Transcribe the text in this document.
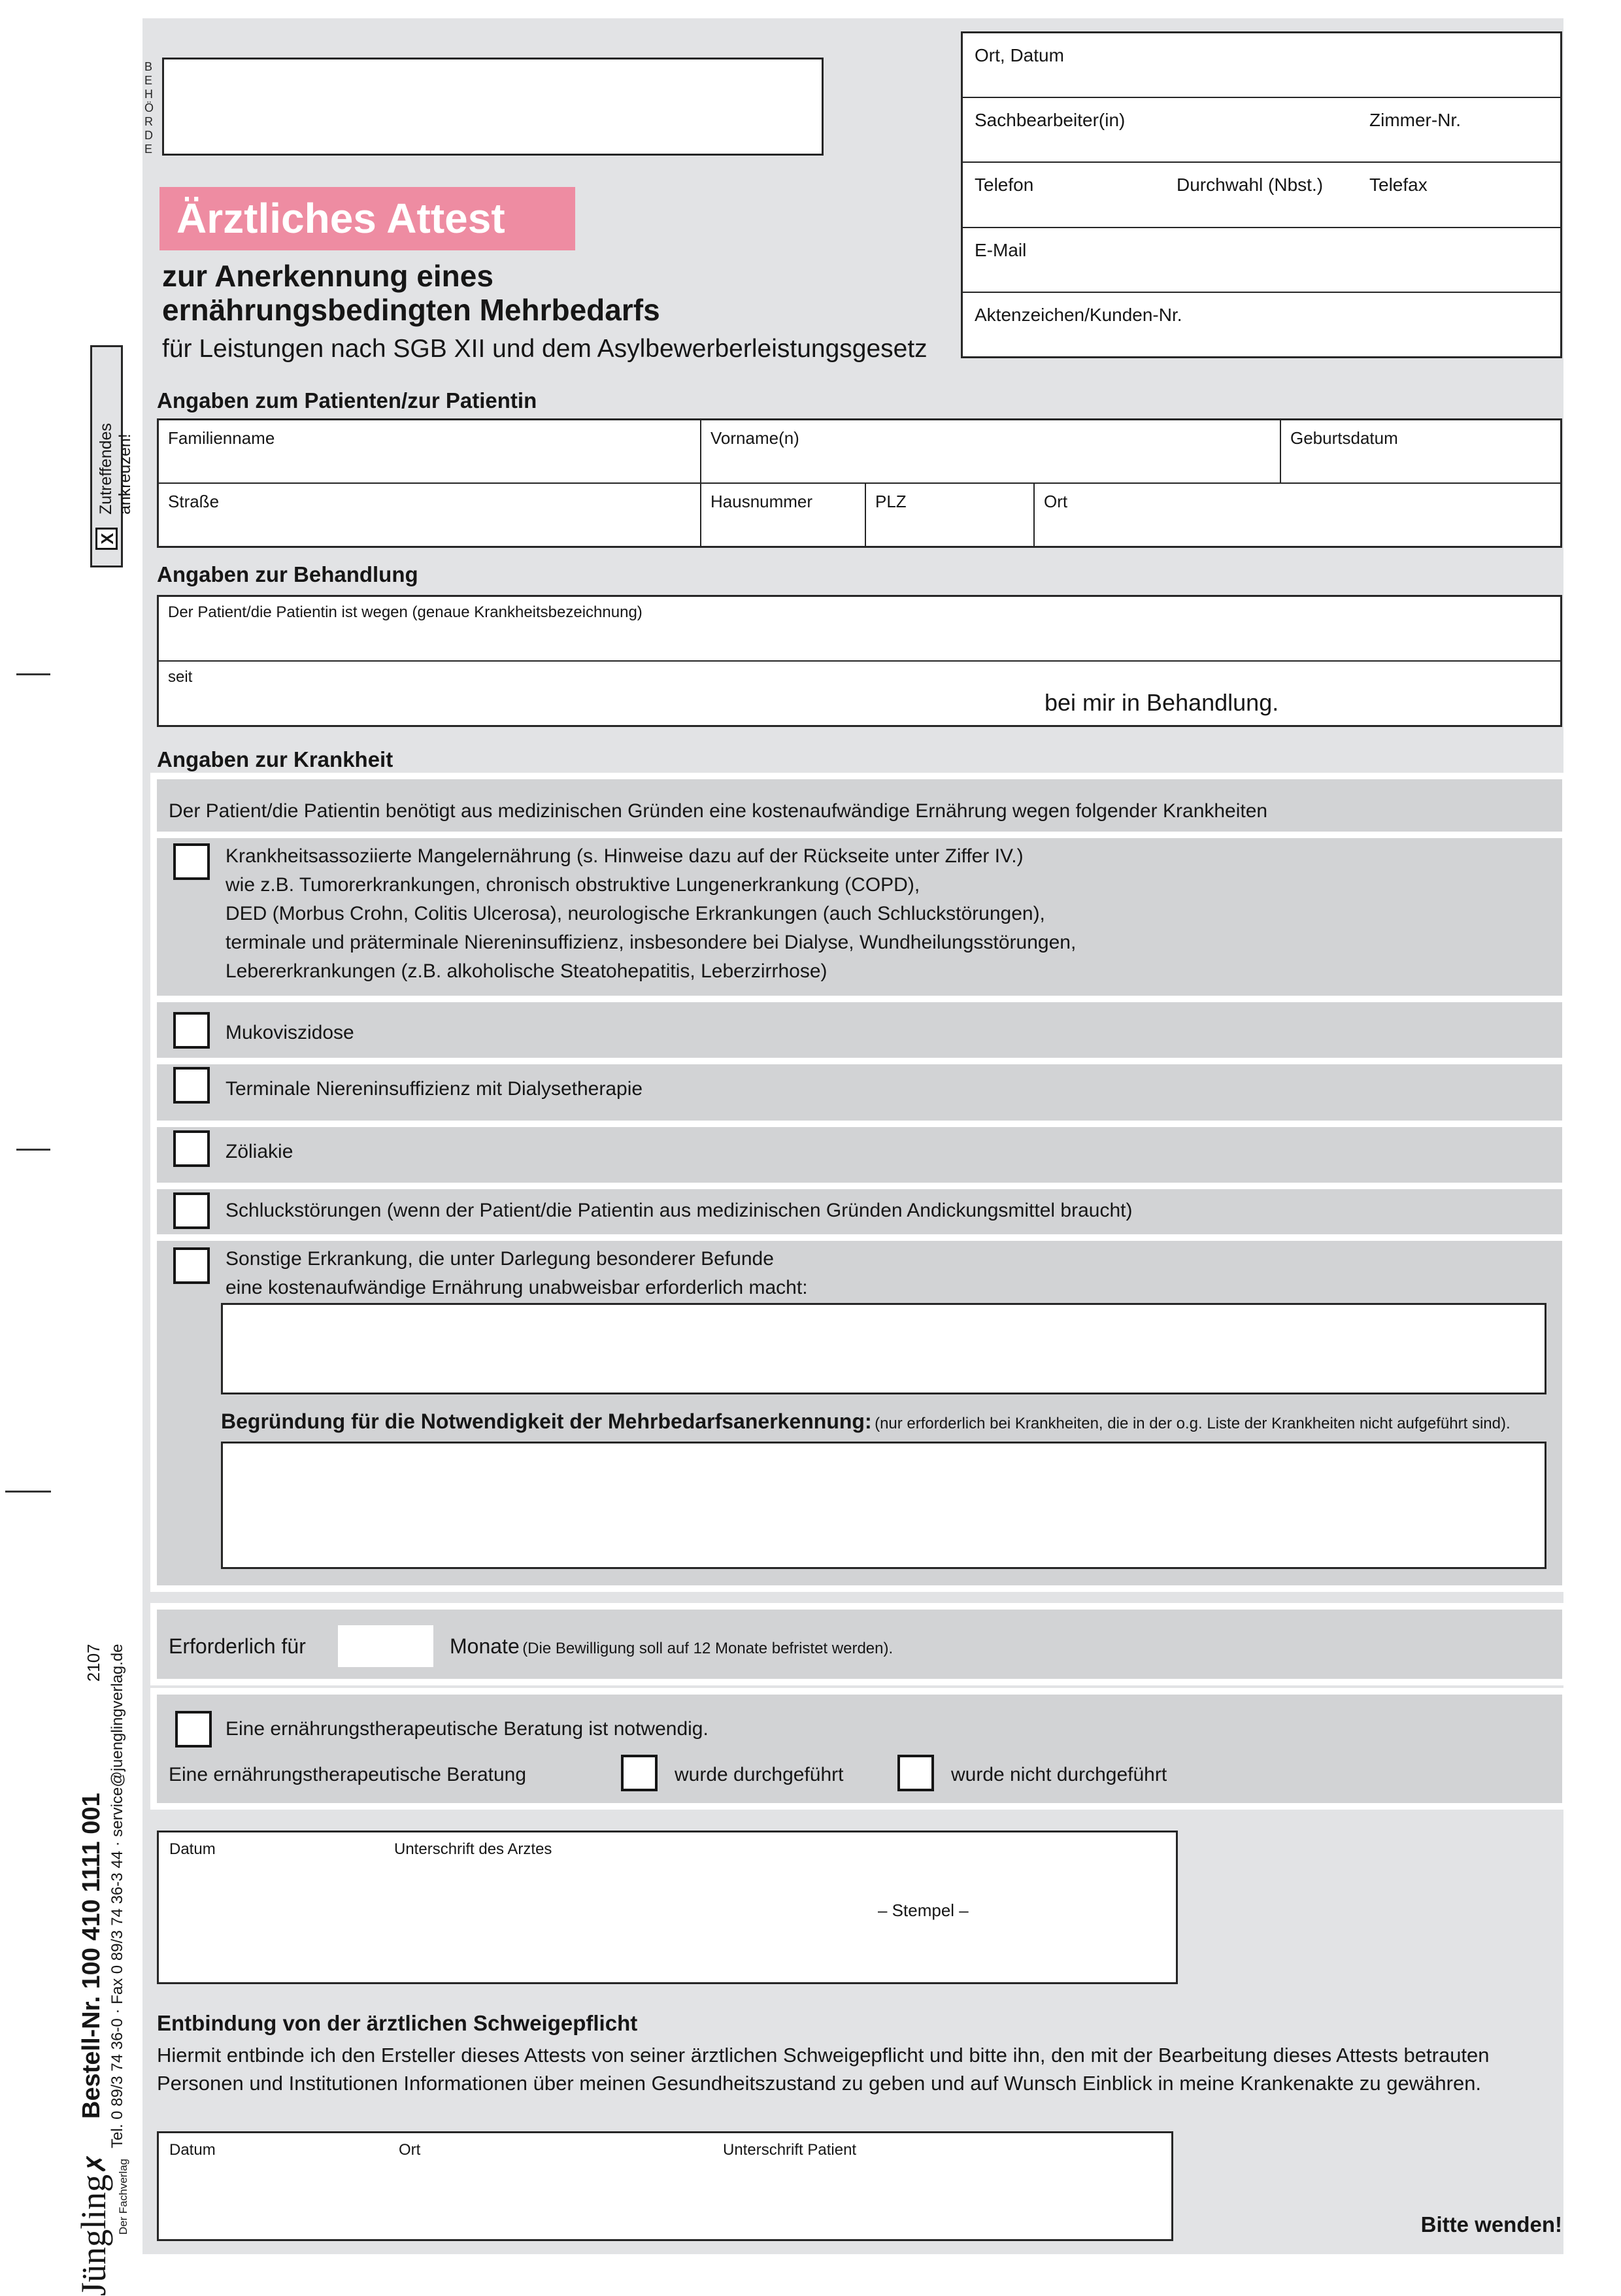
BEHÖRDE
Ort, Datum
Sachbearbeiter(in)	Zimmer-Nr.
Telefon	Durchwahl (Nbst.)	Telefax
E-Mail
Aktenzeichen/Kunden-Nr.
Ärztliches Attest
zur Anerkennung eines
ernährungsbedingten Mehrbedarfs
für Leistungen nach SGB XII und dem Asylbewerberleistungsgesetz
Angaben zum Patienten/zur Patientin
Familienname	Vorname(n)	Geburtsdatum
Straße	Hausnummer	PLZ	Ort
Angaben zur Behandlung
Der Patient/die Patientin ist wegen (genaue Krankheitsbezeichnung)
seit
bei mir in Behandlung.
Angaben zur Krankheit
Der Patient/die Patientin benötigt aus medizinischen Gründen eine kostenaufwändige Ernährung wegen folgender Krankheiten
Krankheitsassoziierte Mangelernährung (s. Hinweise dazu auf der Rückseite unter Ziffer IV.)
wie z.B. Tumorerkrankungen, chronisch obstruktive Lungenerkrankung (COPD),
DED (Morbus Crohn, Colitis Ulcerosa), neurologische Erkrankungen (auch Schluckstörungen),
terminale und präterminale Niereninsuffizienz, insbesondere bei Dialyse, Wundheilungsstörungen,
Lebererkrankungen (z.B. alkoholische Steatohepatitis, Leberzirrhose)
Mukoviszidose
Terminale Niereninsuffizienz mit Dialysetherapie
Zöliakie
Schluckstörungen (wenn der Patient/die Patientin aus medizinischen Gründen Andickungsmittel braucht)
Sonstige Erkrankung, die unter Darlegung besonderer Befunde
eine kostenaufwändige Ernährung unabweisbar erforderlich macht:
Begründung für die Notwendigkeit der Mehrbedarfsanerkennung: (nur erforderlich bei Krankheiten, die in der o.g. Liste der Krankheiten nicht aufgeführt sind).
Erforderlich für	Monate (Die Bewilligung soll auf 12 Monate befristet werden).
Eine ernährungstherapeutische Beratung ist notwendig.
Eine ernährungstherapeutische Beratung	wurde durchgeführt	wurde nicht durchgeführt
Datum	Unterschrift des Arztes
– Stempel –
Entbindung von der ärztlichen Schweigepflicht
Hiermit entbinde ich den Ersteller dieses Attests von seiner ärztlichen Schweigepflicht und bitte ihn, den mit der Bearbeitung dieses Attests betrauten Personen und Institutionen Informationen über meinen Gesundheitszustand zu geben und auf Wunsch Einblick in meine Krankenakte zu gewähren.
Datum	Ort	Unterschrift Patient
Bitte wenden!
X
Zutreffendes ankreuzen!
Jüngling✗ Der Fachverlag
Bestell-Nr. 100 410 1111 001
2107 Tel. 0 89/3 74 36-0 · Fax 0 89/3 74 36-3 44 · service@juenglingverlag.de
